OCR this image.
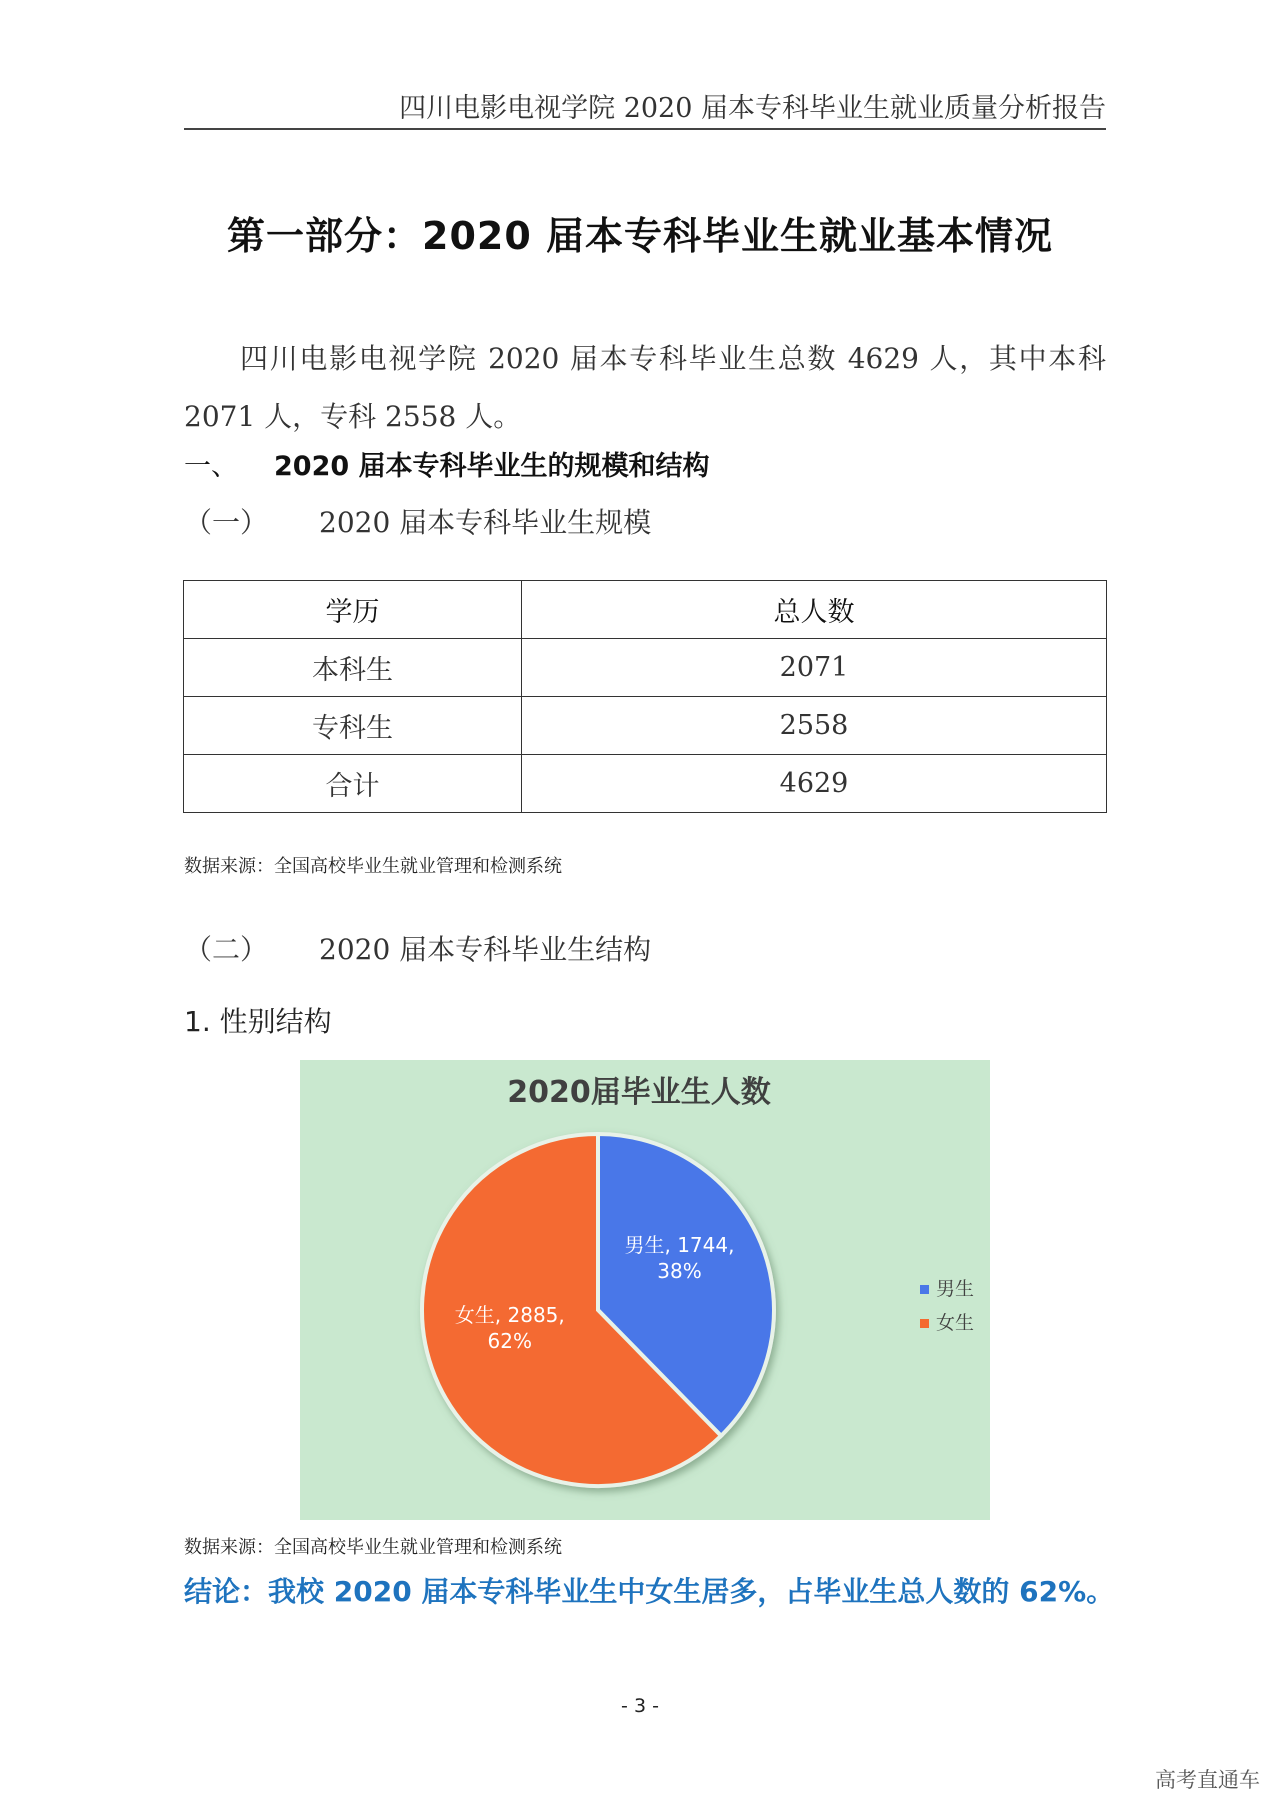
四川电影电视学院 2020 届本专科毕业生就业质量分析报告
第一部分：2020 届本专科毕业生就业基本情况
四川电影电视学院 2020 届本专科毕业生总数 4629 人，其中本科 2071 人，专科 2558 人。
一、 2020 届本专科毕业生的规模和结构
（一） 2020 届本专科毕业生规模
学历	总人数
本科生	2071
专科生	2558
合计	4629
数据来源：全国高校毕业生就业管理和检测系统
（二） 2020 届本专科毕业生结构
1. 性别结构
2020届毕业生人数
男生, 1744,
38%
女生, 2885,
62%
男生
女生
数据来源：全国高校毕业生就业管理和检测系统
结论：我校 2020 届本专科毕业生中女生居多，占毕业生总人数的 62%。
- 3 -
高考直通车
